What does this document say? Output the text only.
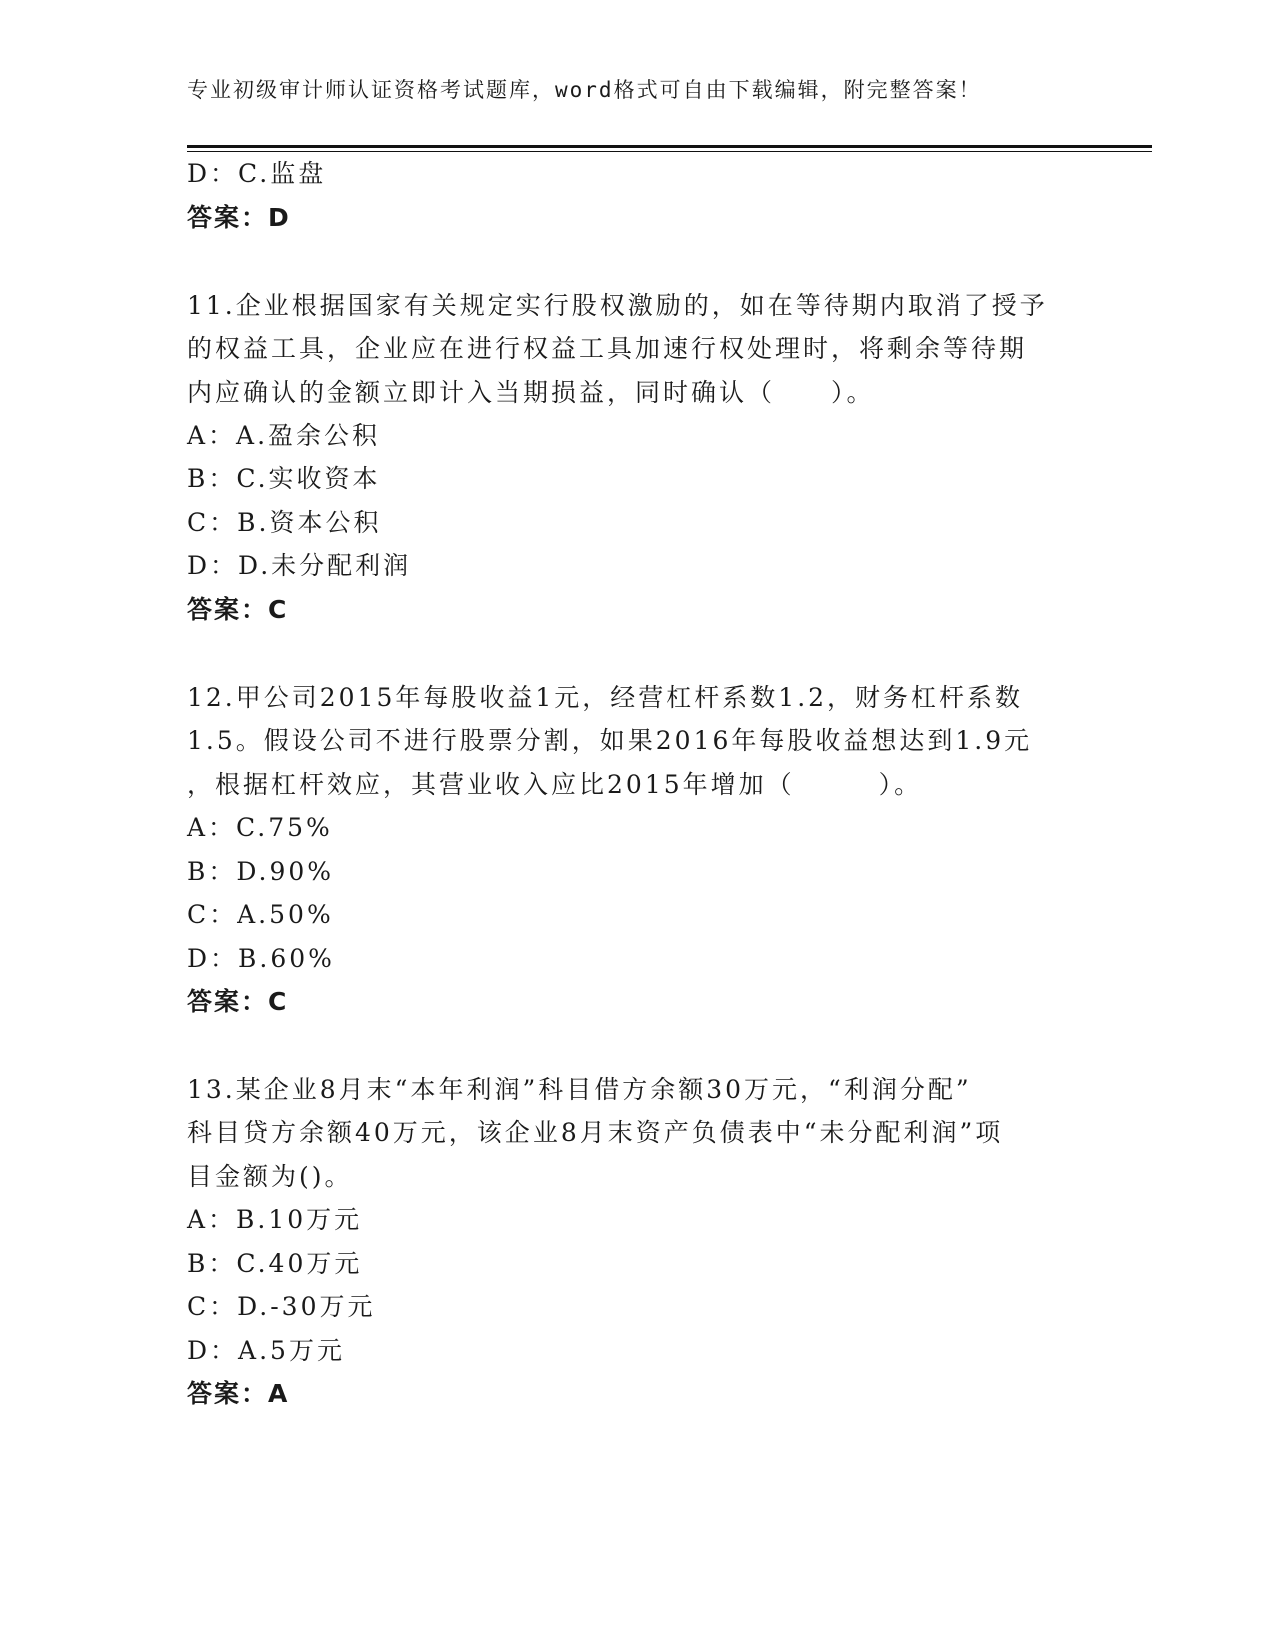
专业初级审计师认证资格考试题库，word格式可自由下载编辑，附完整答案！
D：C.监盘
答案：D
11.企业根据国家有关规定实行股权激励的，如在等待期内取消了授予
的权益工具，企业应在进行权益工具加速行权处理时，将剩余等待期
内应确认的金额立即计入当期损益，同时确认（　　）。
A：A.盈余公积
B：C.实收资本
C：B.资本公积
D：D.未分配利润
答案：C
12.甲公司2015年每股收益1元，经营杠杆系数1.2，财务杠杆系数
1.5。假设公司不进行股票分割，如果2016年每股收益想达到1.9元
，根据杠杆效应，其营业收入应比2015年增加（　　　）。
A：C.75%
B：D.90%
C：A.50%
D：B.60%
答案：C
13.某企业8月末“本年利润”科目借方余额30万元，“利润分配”
科目贷方余额40万元，该企业8月末资产负债表中“未分配利润”项
目金额为()。
A：B.10万元
B：C.40万元
C：D.-30万元
D：A.5万元
答案：A
